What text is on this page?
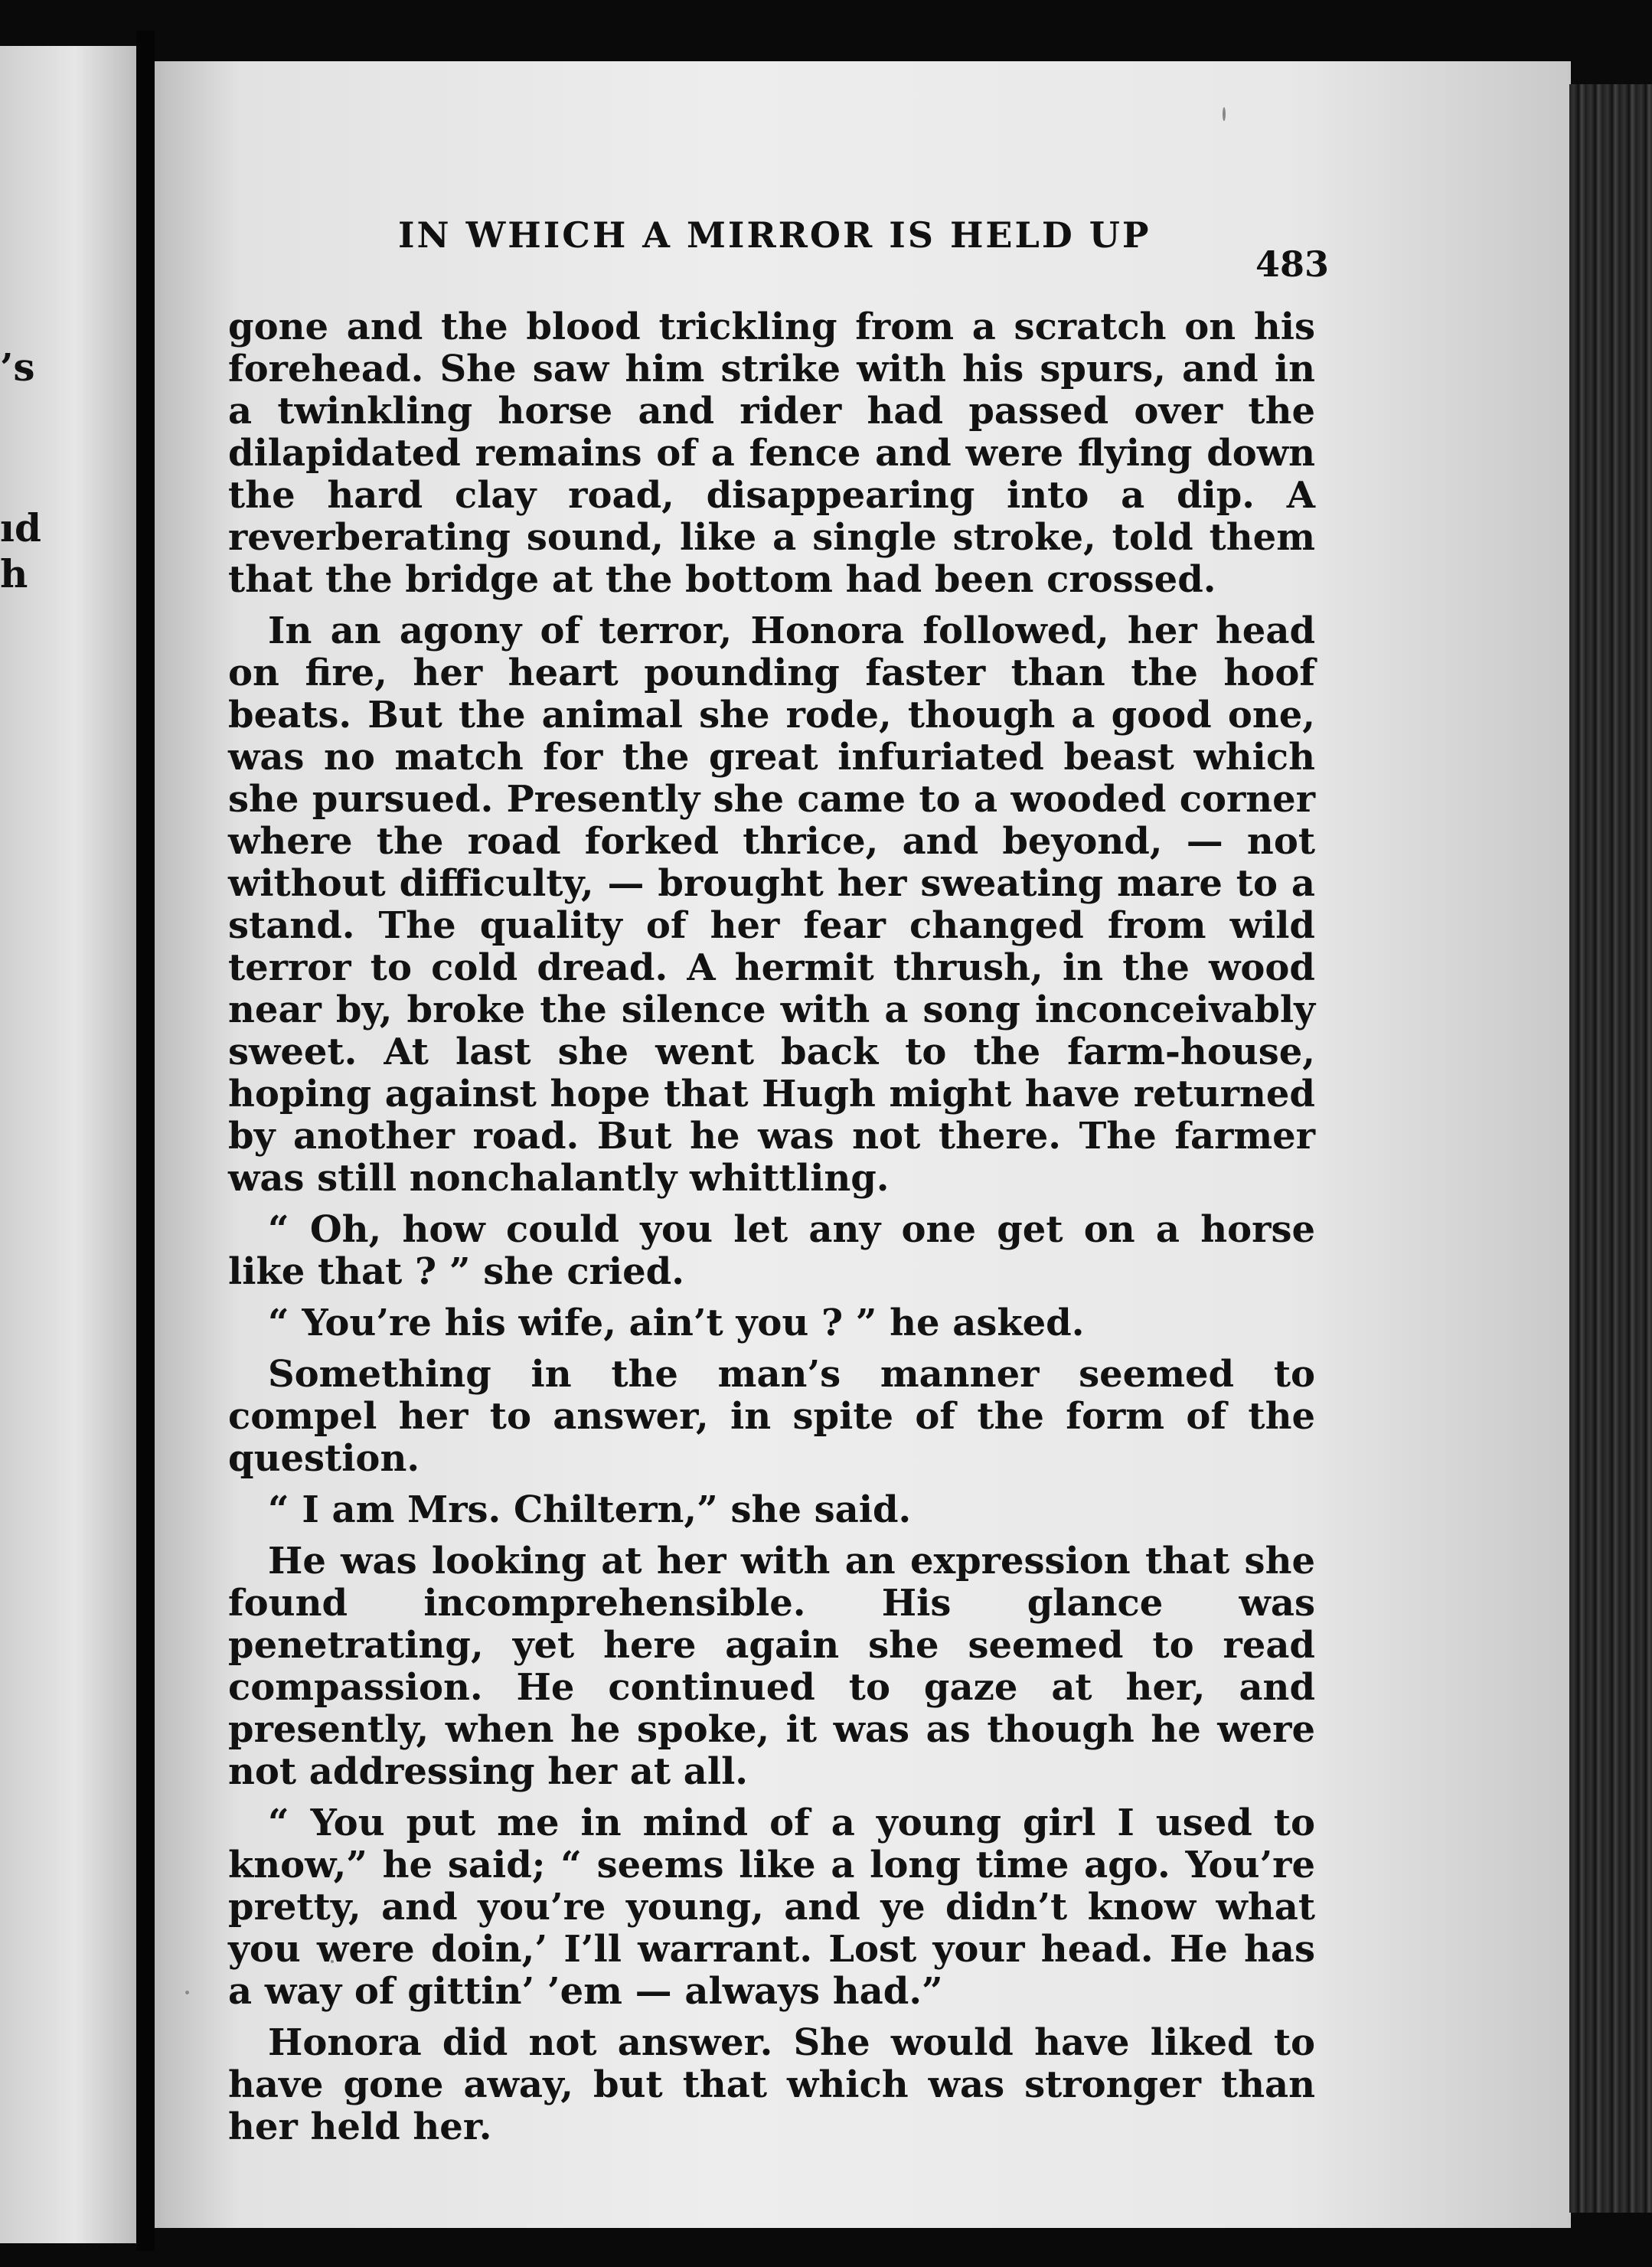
’s
ıd
h
IN WHICH A MIRROR IS HELD UP
483

gone and the blood trickling from a scratch on his forehead. She saw him strike with his spurs, and in a twinkling horse and rider had passed over the dilapidated remains of a fence and were flying down the hard clay road, disappearing into a dip. A reverberating sound, like a single stroke, told them that the bridge at the bottom had been crossed.

In an agony of terror, Honora followed, her head on fire, her heart pounding faster than the hoof beats. But the animal she rode, though a good one, was no match for the great infuriated beast which she pursued. Presently she came to a wooded corner where the road forked thrice, and beyond, — not without difficulty, — brought her sweating mare to a stand. The quality of her fear changed from wild terror to cold dread. A hermit thrush, in the wood near by, broke the silence with a song inconceivably sweet. At last she went back to the farm-house, hoping against hope that Hugh might have returned by another road. But he was not there. The farmer was still nonchalantly whittling.

“ Oh, how could you let any one get on a horse like that ? ” she cried.

“ You’re his wife, ain’t you ? ” he asked.

Something in the man’s manner seemed to compel her to answer, in spite of the form of the question.

“ I am Mrs. Chiltern,” she said.

He was looking at her with an expression that she found incomprehensible. His glance was penetrating, yet here again she seemed to read compassion. He continued to gaze at her, and presently, when he spoke, it was as though he were not addressing her at all.

“ You put me in mind of a young girl I used to know,” he said; “ seems like a long time ago. You’re pretty, and you’re young, and ye didn’t know what you were doin,’ I’ll warrant. Lost your head. He has a way of gittin’ ’em — always had.”

Honora did not answer. She would have liked to have gone away, but that which was stronger than her held her.
